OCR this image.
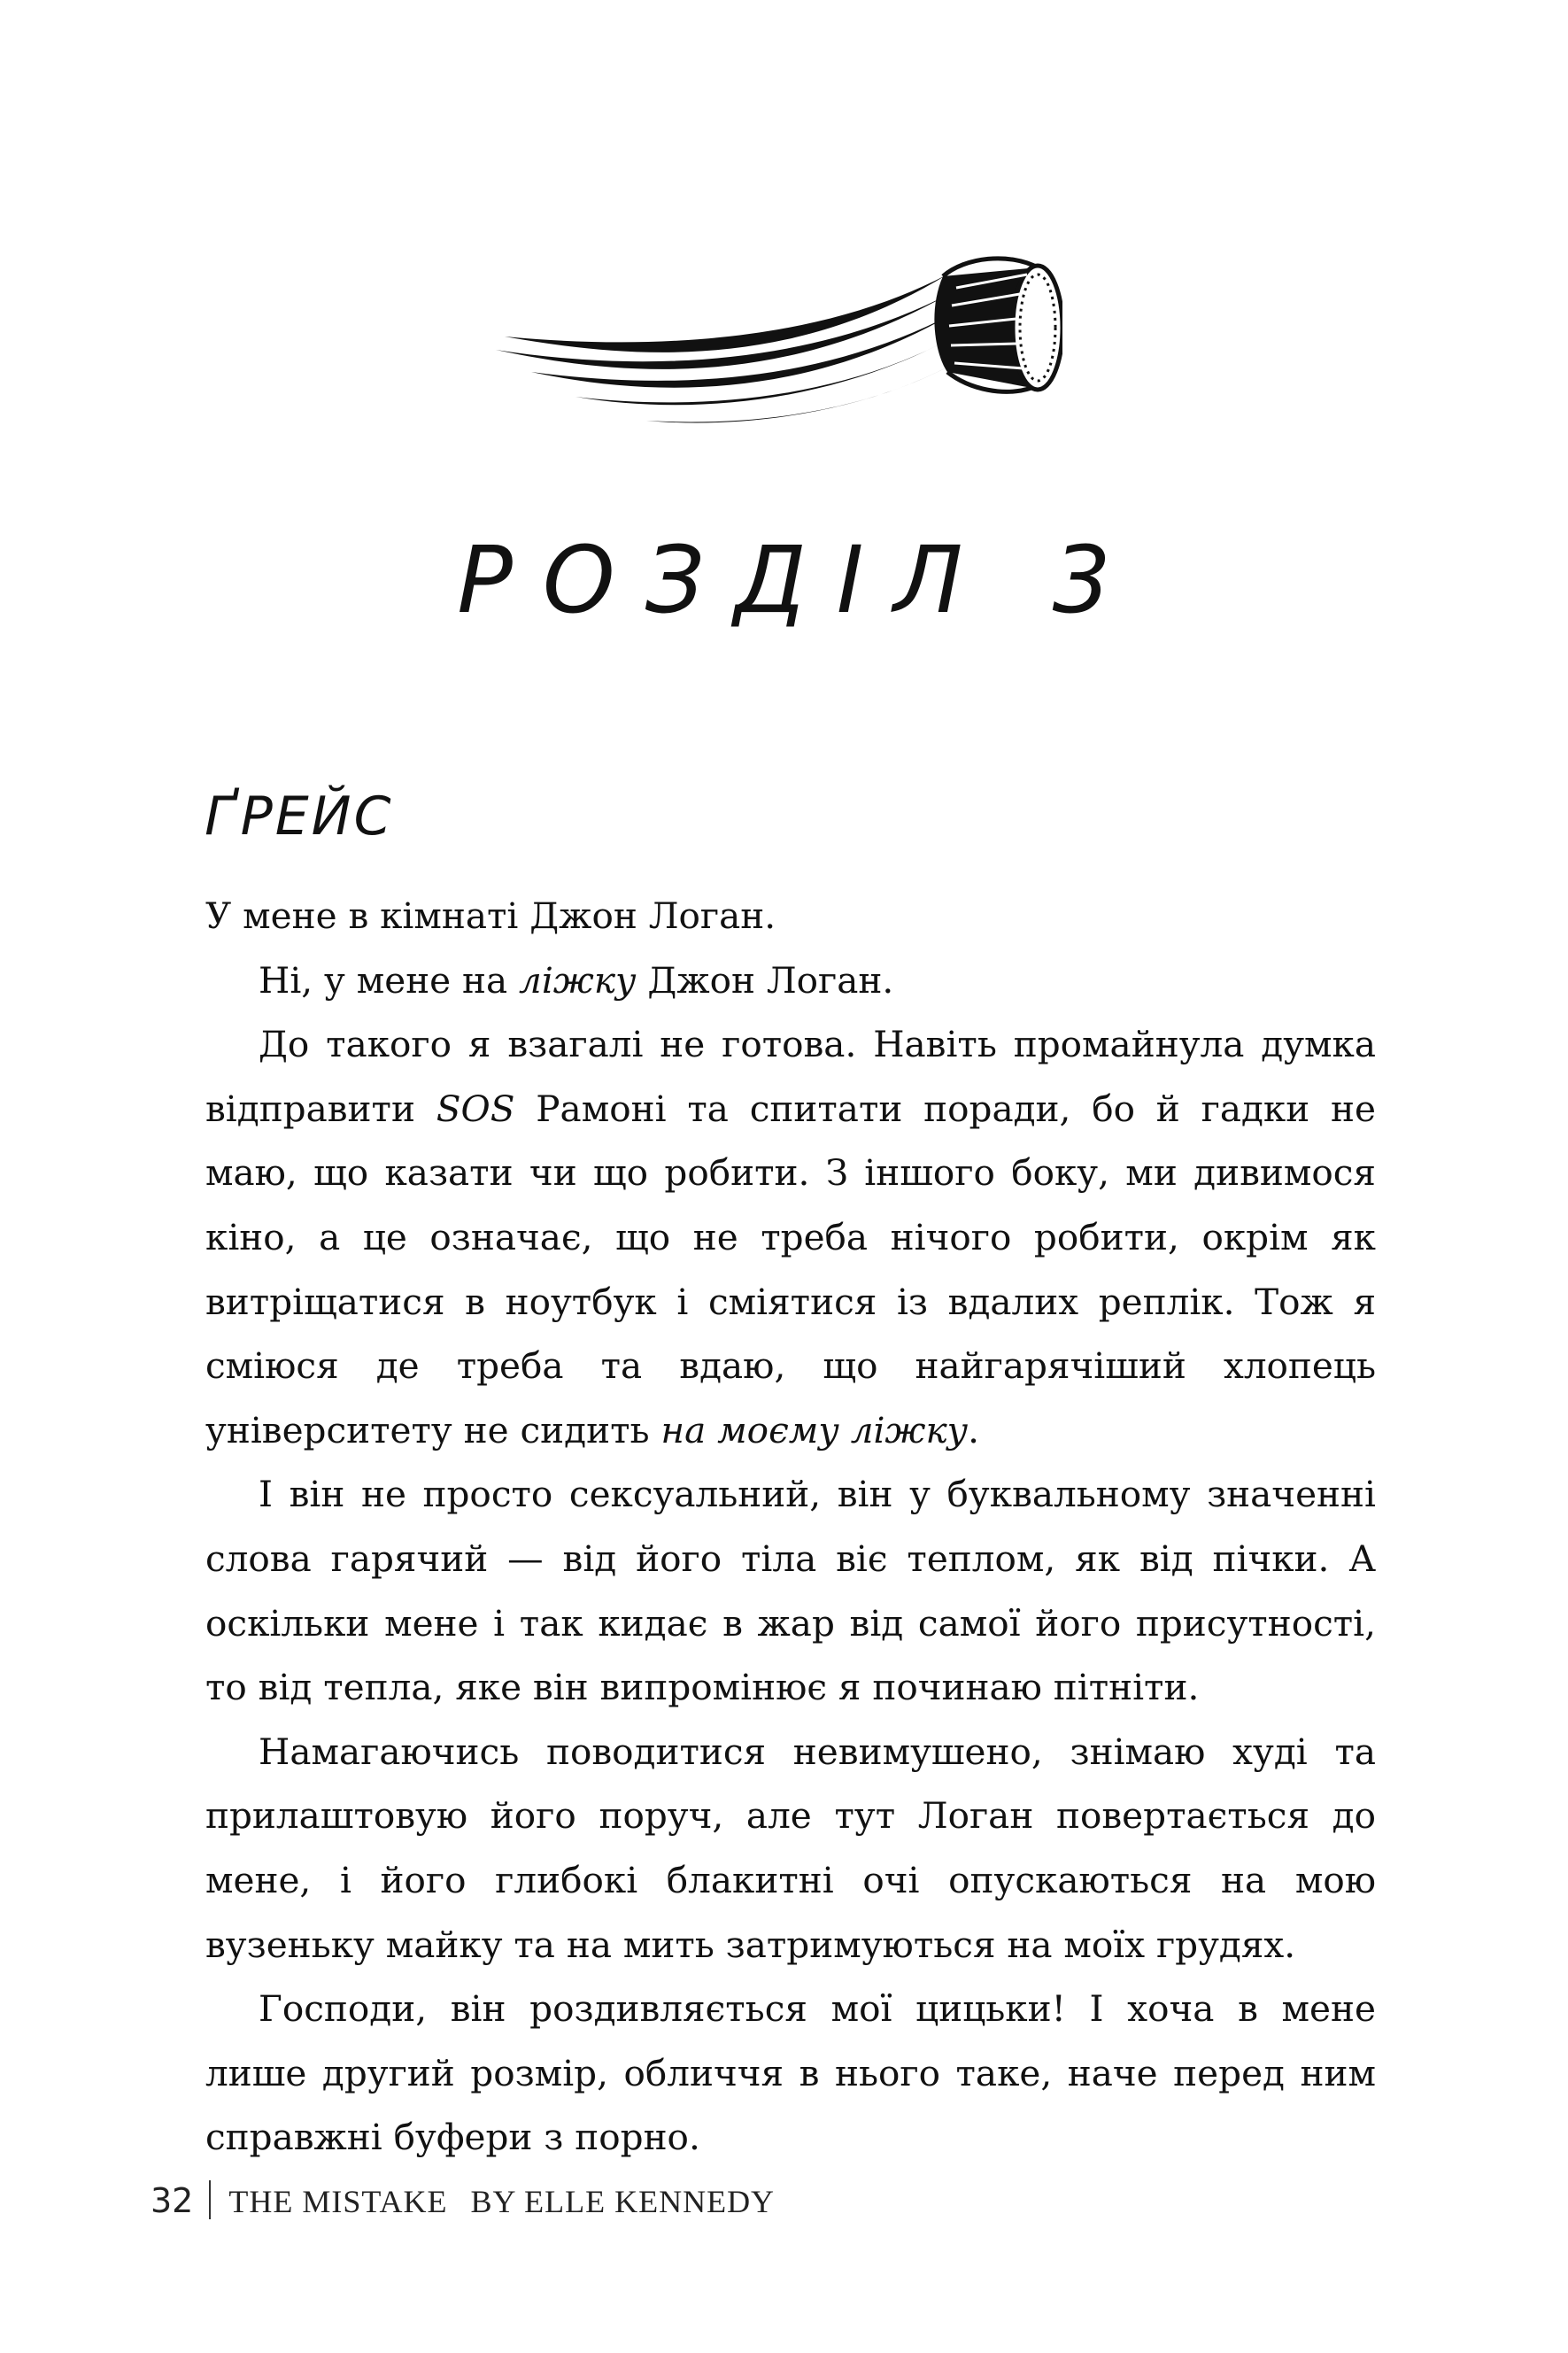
РОЗДІЛ 3
ҐРЕЙС

У мене в кімнаті Джон Логан.

Ні, у мене на ліжку Джон Логан.

До такого я взагалі не готова. Навіть промайнула думка відправити SOS Рамоні та спитати поради, бо й гадки не маю, що казати чи що робити. З іншого боку, ми дивимося кіно, а це означає, що не треба нічого робити, окрім як витріщатися в ноутбук і сміятися із вдалих реплік. Тож я сміюся де треба та вдаю, що найгарячіший хлопець університету не сидить на моєму ліжку.

І він не просто сексуальний, він у буквальному значенні слова гарячий — від його тіла віє теплом, як від пічки. А оскільки мене і так кидає в жар від самої його присутності, то від тепла, яке він випромінює я починаю пітніти.

Намагаючись поводитися невимушено, знімаю худі та прилаштовую його поруч, але тут Логан повертається до мене, і його глибокі блакитні очі опускаються на мою вузеньку майку та на мить затримуються на моїх грудях.

Господи, він роздивляється мої цицьки! І хоча в мене лише другий розмір, обличчя в нього таке, наче перед ним справжні буфери з порно.

32 THE MISTAKE BY ELLE KENNEDY
